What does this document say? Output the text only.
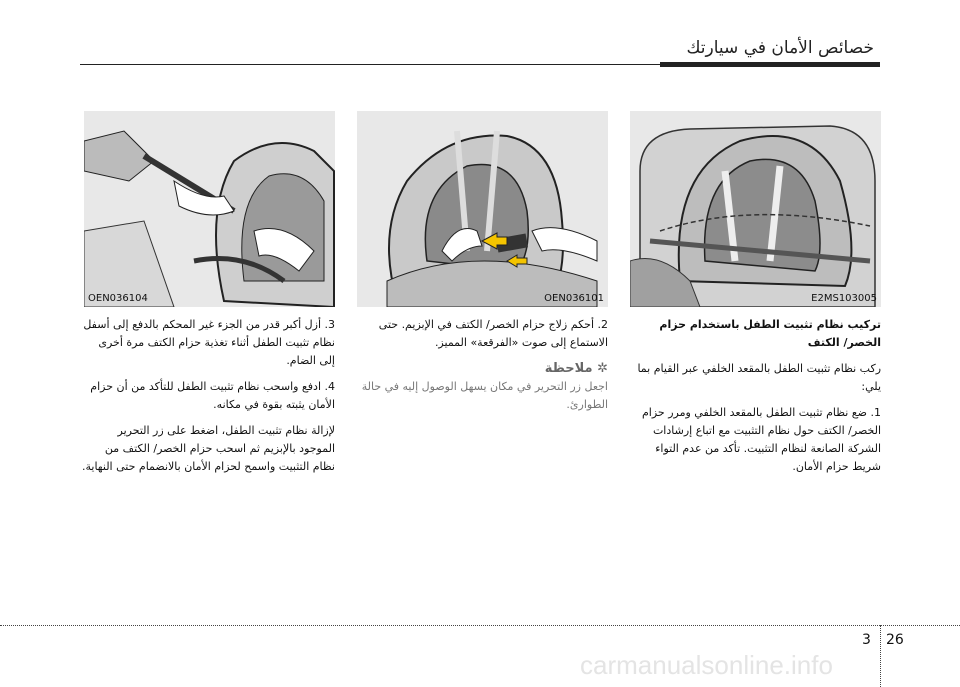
خصائص الأمان في سيارتك
E2MS103005
OEN036101
OEN036104

تركيب نظام تثبيت الطفل باستخدام حزام الخصر/ الكتف

ركب نظام تثبيت الطفل بالمقعد الخلفي عبر القيام بما يلي:

1. ضع نظام تثبيت الطفل بالمقعد الخلفي ومرر حزام الخصر/ الكتف حول نظام التثبيت مع اتباع إرشادات الشركة الصانعة لنظام التثبيت. تأكد من عدم التواء شريط حزام الأمان.

2. أحكم زلاج حزام الخصر/ الكتف في الإبزيم. حتى الاستماع إلى صوت «الفرقعة» المميز.

✲ ملاحظة

اجعل زر التحرير في مكان يسهل الوصول إليه في حالة الطوارئ.

3. أزل أكبر قدر من الجزء غير المحكم بالدفع إلى أسفل نظام تثبيت الطفل أثناء تغذية حزام الكتف مرة أخرى إلى الضام.

4. ادفع واسحب نظام تثبيت الطفل للتأكد من أن حزام الأمان يثبته بقوة في مكانه.

لإزالة نظام تثبيت الطفل، اضغط على زر التحرير الموجود بالإبزيم ثم اسحب حزام الخصر/ الكتف من نظام التثبيت واسمح لحزام الأمان بالانضمام حتى النهاية.

3 26
carmanualsonline.info
